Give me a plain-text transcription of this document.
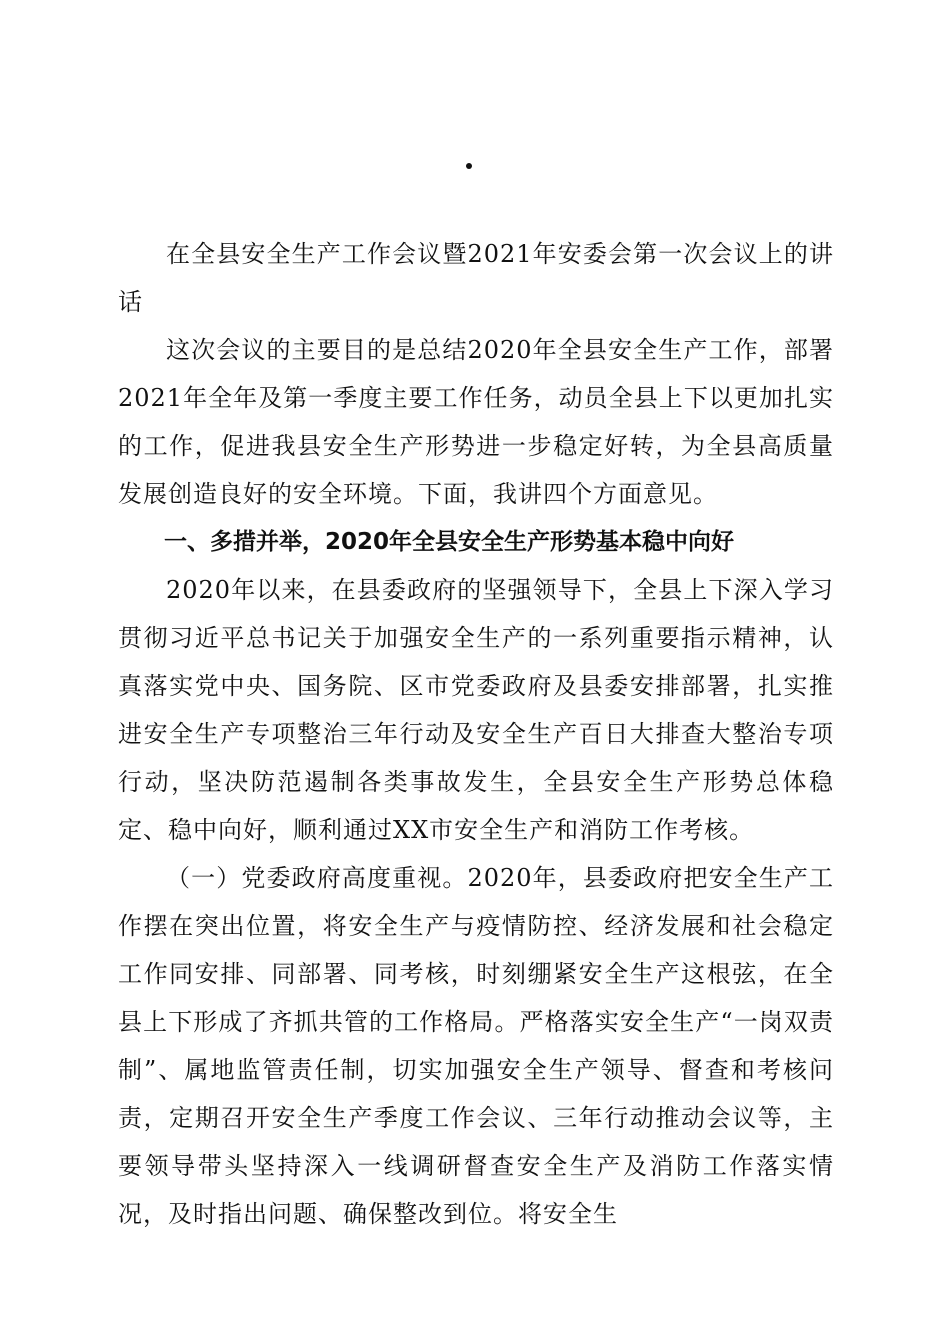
在全县安全生产工作会议暨2021年安委会第一次会议上的讲话

这次会议的主要目的是总结2020年全县安全生产工作，部署2021年全年及第一季度主要工作任务，动员全县上下以更加扎实的工作，促进我县安全生产形势进一步稳定好转，为全县高质量发展创造良好的安全环境。下面，我讲四个方面意见。

一、多措并举，2020年全县安全生产形势基本稳中向好

2020年以来，在县委政府的坚强领导下，全县上下深入学习贯彻习近平总书记关于加强安全生产的一系列重要指示精神，认真落实党中央、国务院、区市党委政府及县委安排部署，扎实推进安全生产专项整治三年行动及安全生产百日大排查大整治专项行动，坚决防范遏制各类事故发生，全县安全生产形势总体稳定、稳中向好，顺利通过XX市安全生产和消防工作考核。

（一）党委政府高度重视。2020年，县委政府把安全生产工作摆在突出位置，将安全生产与疫情防控、经济发展和社会稳定工作同安排、同部署、同考核，时刻绷紧安全生产这根弦，在全县上下形成了齐抓共管的工作格局。严格落实安全生产“一岗双责制”、属地监管责任制，切实加强安全生产领导、督查和考核问责，定期召开安全生产季度工作会议、三年行动推动会议等，主要领导带头坚持深入一线调研督查安全生产及消防工作落实情况，及时指出问题、确保整改到位。将安全生
